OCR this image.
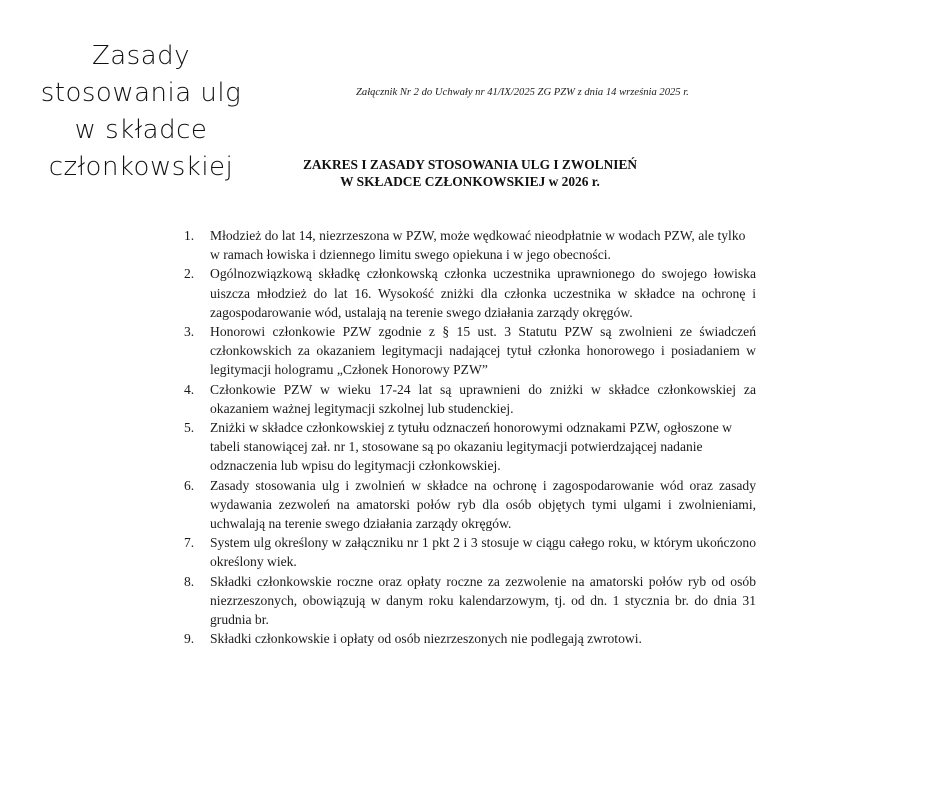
Zasady
stosowania ulg
w składce
członkowskiej
Załącznik Nr 2 do Uchwały nr 41/IX/2025 ZG PZW z dnia 14 września 2025 r.
ZAKRES I ZASADY STOSOWANIA ULG I ZWOLNIEŃ
W SKŁADCE CZŁONKOWSKIEJ w 2026 r.
1.	Młodzież do lat 14, niezrzeszona w PZW, może wędkować nieodpłatnie w wodach PZW, ale tylko w ramach łowiska i dziennego limitu swego opiekuna i w jego obecności.
2.	Ogólnozwiązkową składkę członkowską członka uczestnika uprawnionego do swojego łowiska uiszcza młodzież do lat 16. Wysokość zniżki dla członka uczestnika w składce na ochronę i zagospodarowanie wód, ustalają na terenie swego działania zarządy okręgów.
3.	Honorowi członkowie PZW zgodnie z § 15 ust. 3 Statutu PZW są zwolnieni ze świadczeń członkowskich za okazaniem legitymacji nadającej tytuł członka honorowego i posiadaniem w legitymacji hologramu „Członek Honorowy PZW”
4.	Członkowie PZW w wieku 17-24 lat są uprawnieni do zniżki w składce członkowskiej za okazaniem ważnej legitymacji szkolnej lub studenckiej.
5.	Zniżki w składce członkowskiej z tytułu odznaczeń honorowymi odznakami PZW, ogłoszone w tabeli stanowiącej zał. nr 1, stosowane są po okazaniu legitymacji potwierdzającej nadanie odznaczenia lub wpisu do legitymacji członkowskiej.
6.	Zasady stosowania ulg i zwolnień w składce na ochronę i zagospodarowanie wód oraz zasady wydawania zezwoleń na amatorski połów ryb dla osób objętych tymi ulgami i zwolnieniami, uchwalają na terenie swego działania zarządy okręgów.
7.	System ulg określony w załączniku nr 1 pkt 2 i 3 stosuje w ciągu całego roku, w którym ukończono określony wiek.
8.	Składki członkowskie roczne oraz opłaty roczne za zezwolenie na amatorski połów ryb od osób niezrzeszonych, obowiązują w danym roku kalendarzowym, tj. od dn. 1 stycznia br. do dnia 31 grudnia br.
9.	Składki członkowskie i opłaty od osób niezrzeszonych nie podlegają zwrotowi.
